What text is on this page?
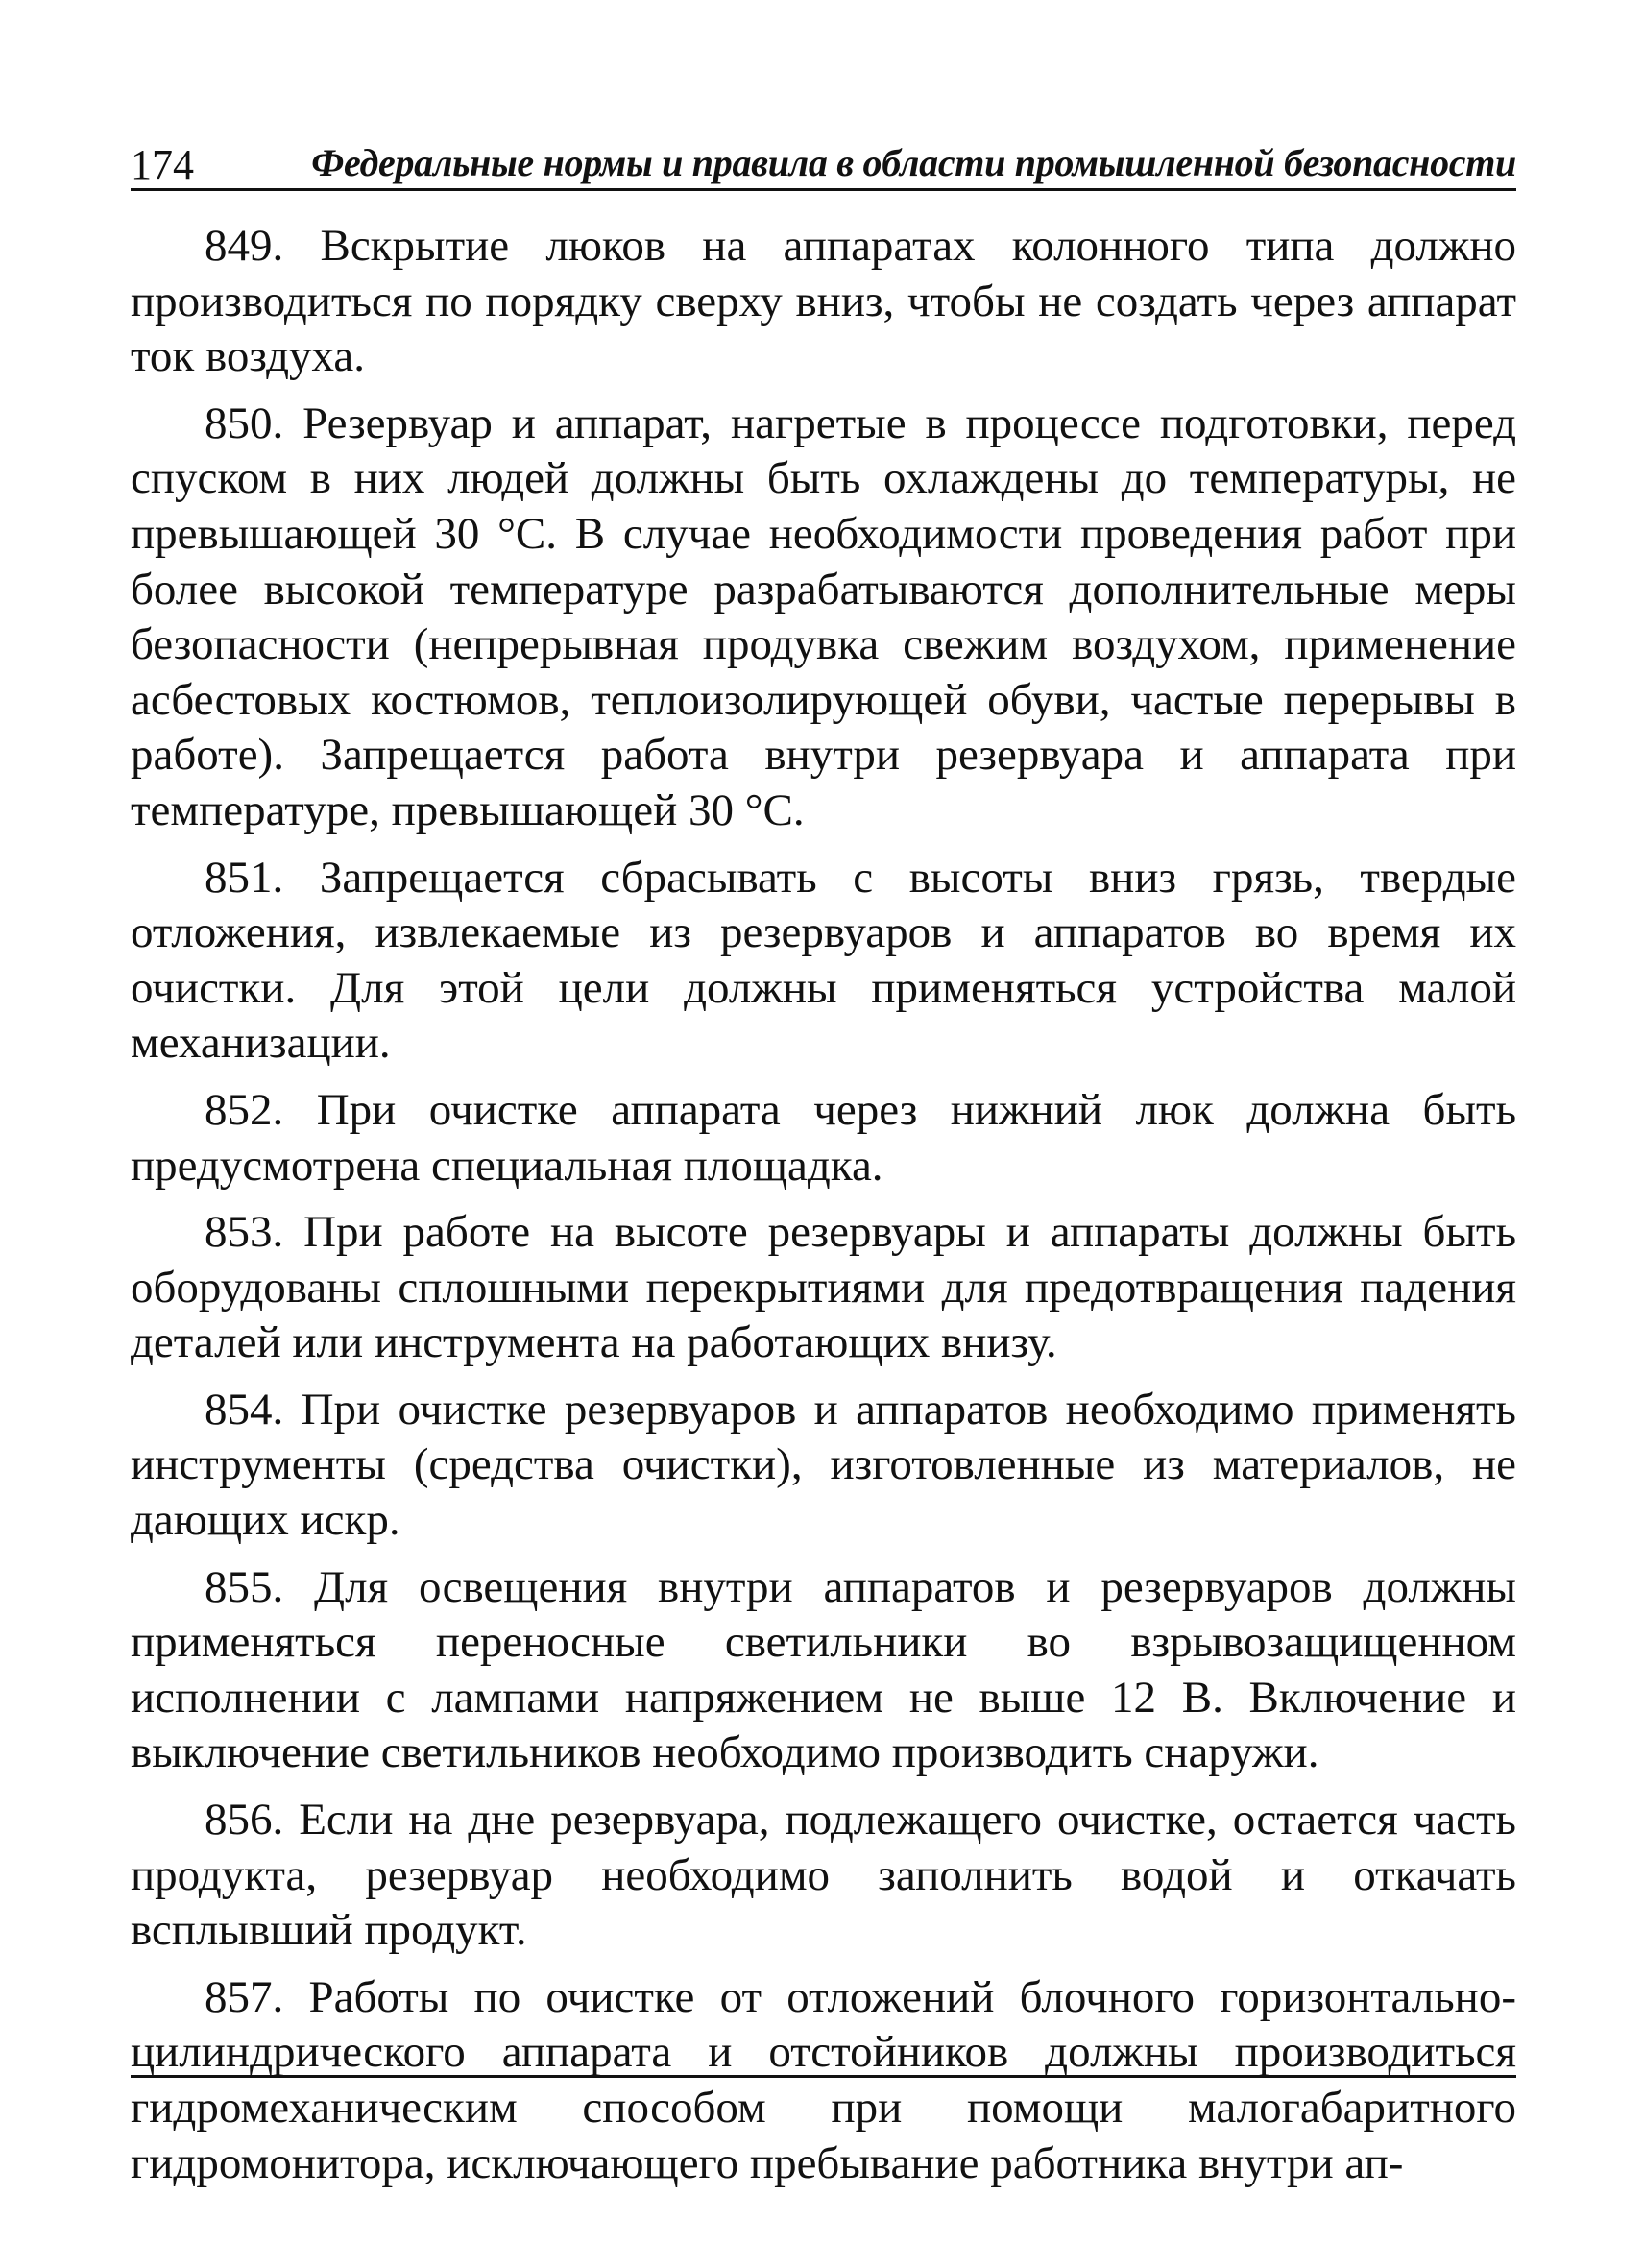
174	Федеральные нормы и правила в области промышленной безопасности

849. Вскрытие люков на аппаратах колонного типа должно производиться по порядку сверху вниз, чтобы не создать через аппарат ток воздуха.

850. Резервуар и аппарат, нагретые в процессе подготовки, перед спуском в них людей должны быть охлаждены до температуры, не превышающей 30 °С. В случае необходимости проведения работ при более высокой температуре разрабатываются дополнительные меры безопасности (непрерывная продувка свежим воздухом, применение асбестовых костюмов, теплоизолирующей обуви, частые перерывы в работе). Запрещается работа внутри резервуара и аппарата при температуре, превышающей 30 °С.

851. Запрещается сбрасывать с высоты вниз грязь, твердые отложения, извлекаемые из резервуаров и аппаратов во время их очистки. Для этой цели должны применяться устройства малой механизации.

852. При очистке аппарата через нижний люк должна быть предусмотрена специальная площадка.

853. При работе на высоте резервуары и аппараты должны быть оборудованы сплошными перекрытиями для предотвращения падения деталей или инструмента на работающих внизу.

854. При очистке резервуаров и аппаратов необходимо применять инструменты (средства очистки), изготовленные из материалов, не дающих искр.

855. Для освещения внутри аппаратов и резервуаров должны применяться переносные светильники во взрывозащищенном исполнении с лампами напряжением не выше 12 В. Включение и выключение светильников необходимо производить снаружи.

856. Если на дне резервуара, подлежащего очистке, остается часть продукта, резервуар необходимо заполнить водой и откачать всплывший продукт.

857. Работы по очистке от отложений блочного горизонтально-цилиндрического аппарата и отстойников должны производиться гидромеханическим способом при помощи малогабаритного гидромонитора, исключающего пребывание работника внутри ап-
